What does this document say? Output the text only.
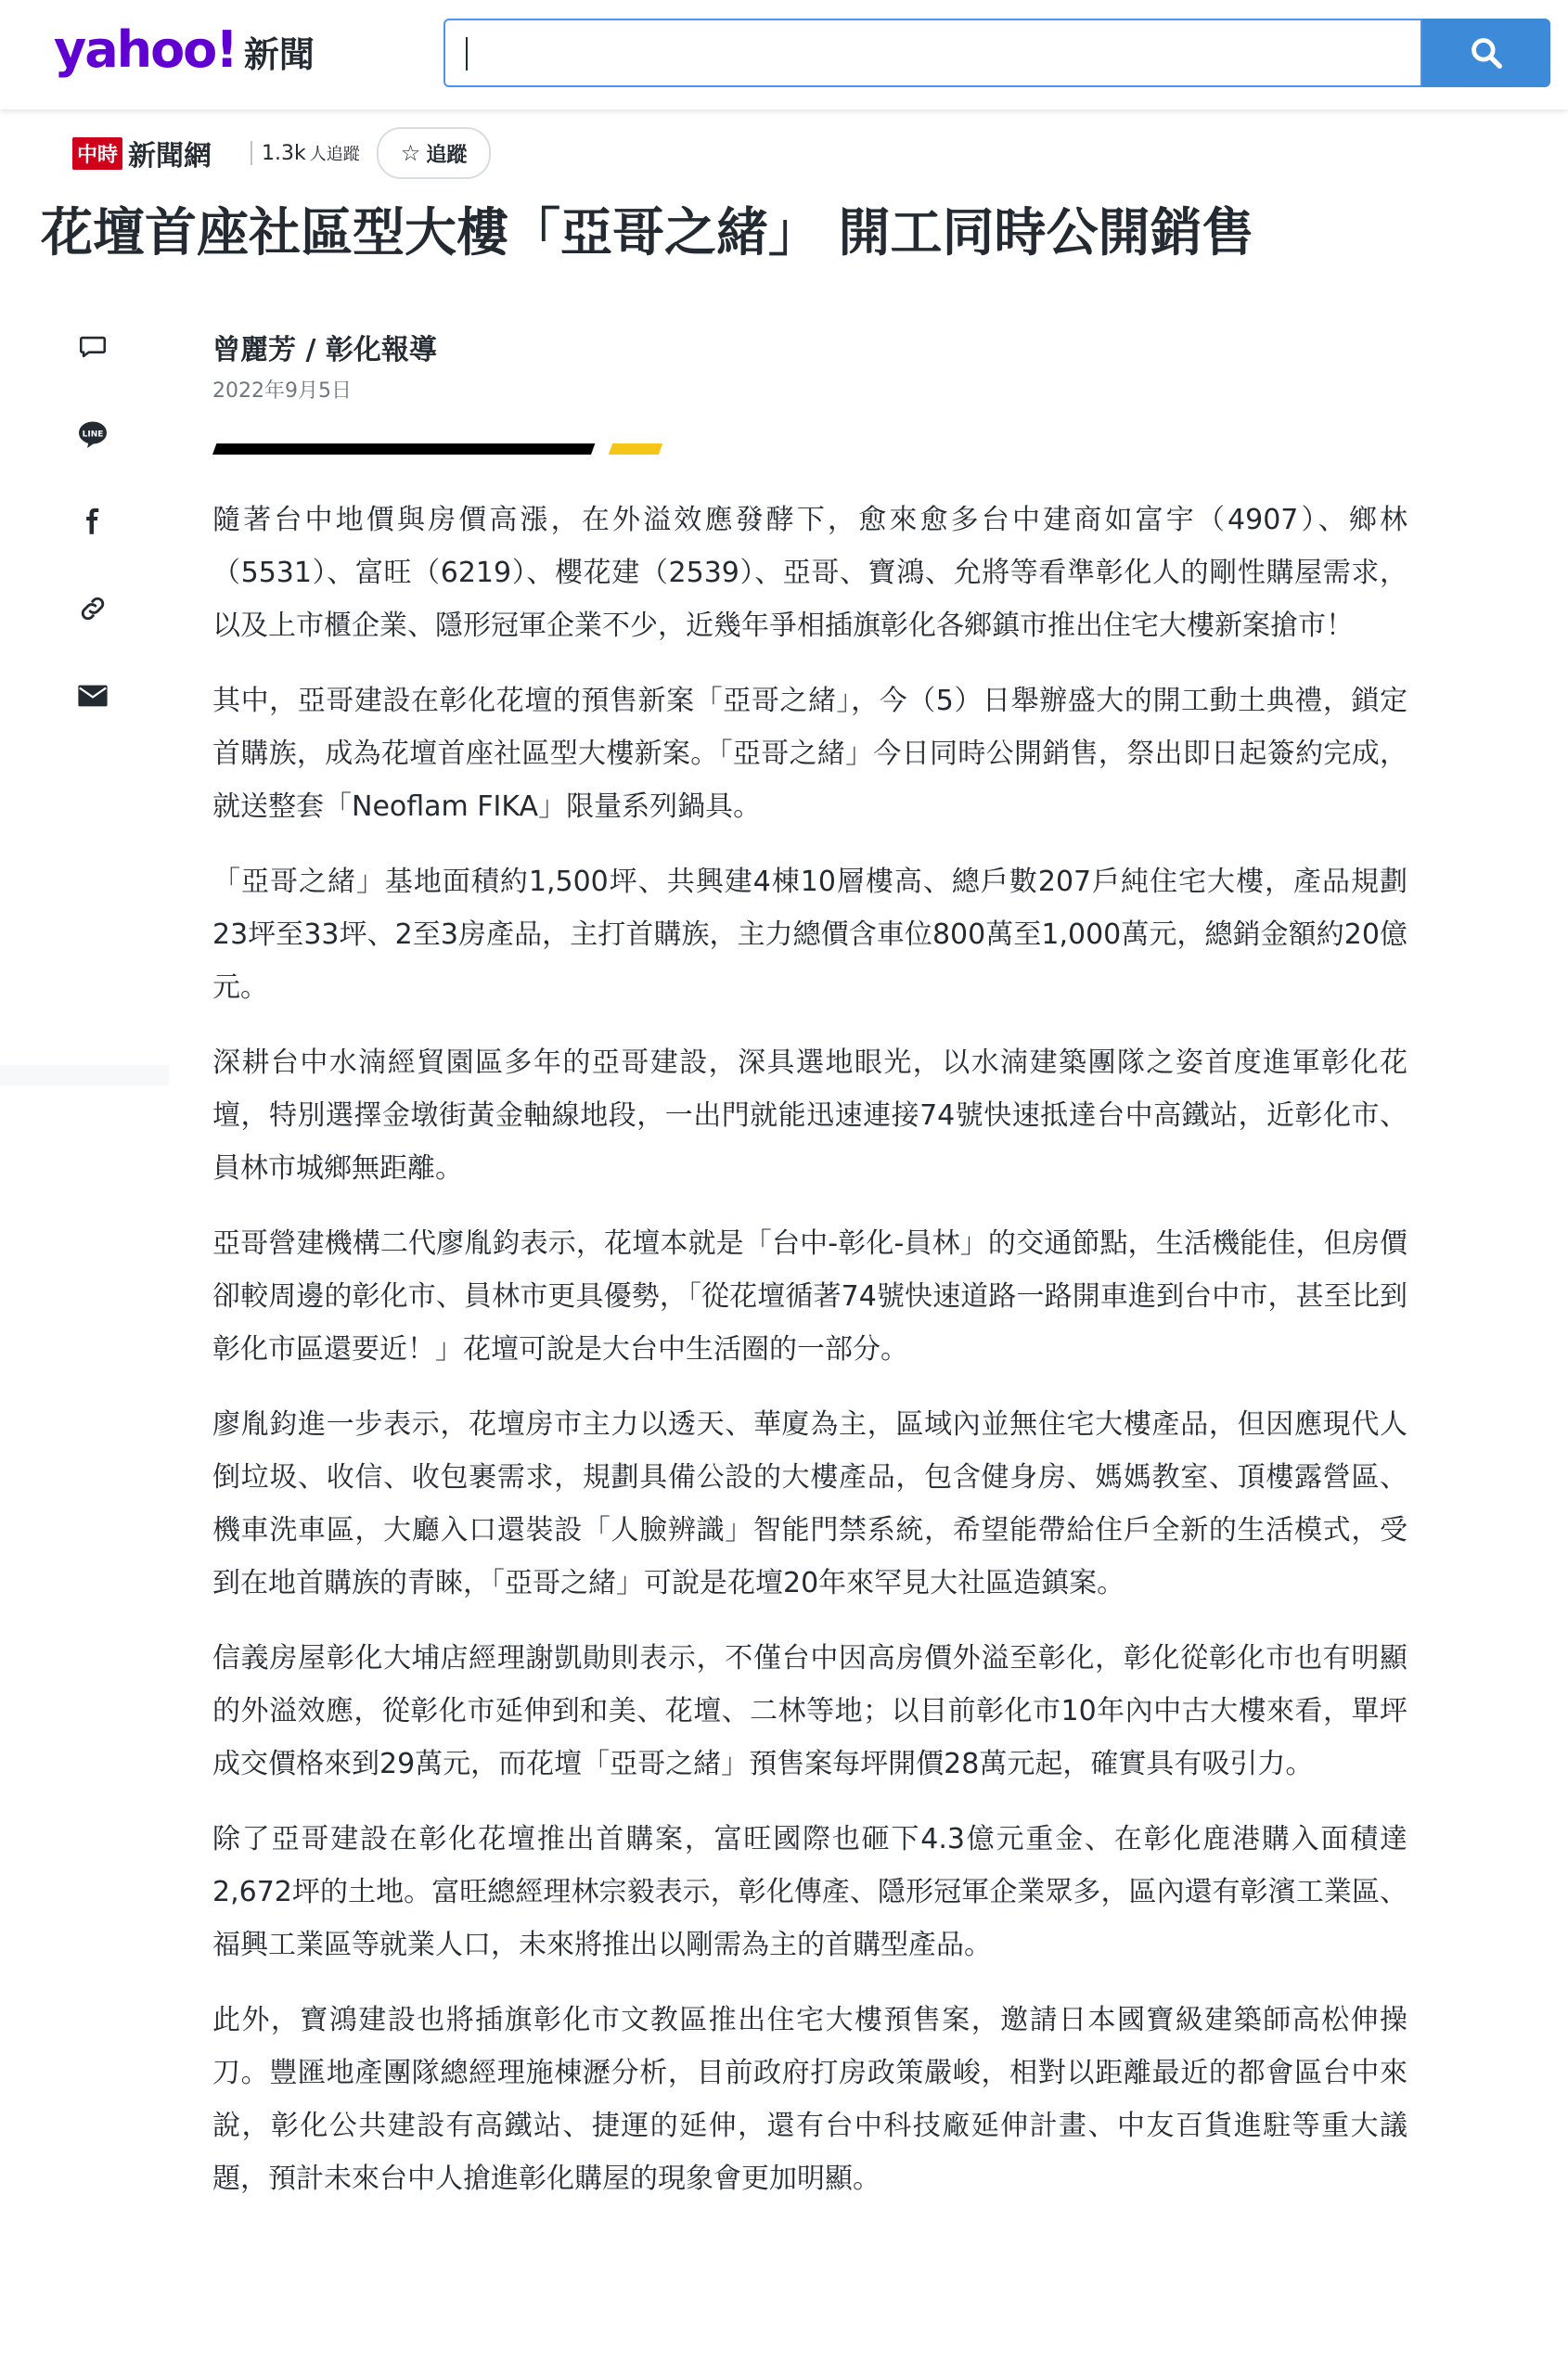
yahoo! 新聞
中時 新聞網 1.3k 人追蹤 ☆ 追蹤
花壇首座社區型大樓「亞哥之緒」 開工同時公開銷售
LINE
曾麗芳 / 彰化報導
2022年9月5日

隨著台中地價與房價高漲，在外溢效應發酵下，愈來愈多台中建商如富宇（4907）、鄉林（5531）、富旺（6219）、櫻花建（2539）、亞哥、寶鴻、允將等看準彰化人的剛性購屋需求，以及上市櫃企業、隱形冠軍企業不少，近幾年爭相插旗彰化各鄉鎮市推出住宅大樓新案搶市！

其中，亞哥建設在彰化花壇的預售新案「亞哥之緒」，今（5）日舉辦盛大的開工動土典禮，鎖定首購族，成為花壇首座社區型大樓新案。「亞哥之緒」今日同時公開銷售，祭出即日起簽約完成，就送整套「Neoflam FIKA」限量系列鍋具。

「亞哥之緒」基地面積約1,500坪、共興建4棟10層樓高、總戶數207戶純住宅大樓，產品規劃23坪至33坪、2至3房產品，主打首購族，主力總價含車位800萬至1,000萬元，總銷金額約20億元。

深耕台中水湳經貿園區多年的亞哥建設，深具選地眼光，以水湳建築團隊之姿首度進軍彰化花壇，特別選擇金墩街黃金軸線地段，一出門就能迅速連接74號快速抵達台中高鐵站，近彰化市、員林市城鄉無距離。

亞哥營建機構二代廖胤鈞表示，花壇本就是「台中-彰化-員林」的交通節點，生活機能佳，但房價卻較周邊的彰化市、員林市更具優勢，「從花壇循著74號快速道路一路開車進到台中市，甚至比到彰化市區還要近！」花壇可說是大台中生活圈的一部分。

廖胤鈞進一步表示，花壇房市主力以透天、華廈為主，區域內並無住宅大樓產品，但因應現代人倒垃圾、收信、收包裹需求，規劃具備公設的大樓產品，包含健身房、媽媽教室、頂樓露營區、機車洗車區，大廳入口還裝設「人臉辨識」智能門禁系統，希望能帶給住戶全新的生活模式，受到在地首購族的青睞，「亞哥之緒」可說是花壇20年來罕見大社區造鎮案。

信義房屋彰化大埔店經理謝凱勛則表示，不僅台中因高房價外溢至彰化，彰化從彰化市也有明顯的外溢效應，從彰化市延伸到和美、花壇、二林等地；以目前彰化市10年內中古大樓來看，單坪成交價格來到29萬元，而花壇「亞哥之緒」預售案每坪開價28萬元起，確實具有吸引力。

除了亞哥建設在彰化花壇推出首購案，富旺國際也砸下4.3億元重金、在彰化鹿港購入面積達2,672坪的土地。富旺總經理林宗毅表示，彰化傳產、隱形冠軍企業眾多，區內還有彰濱工業區、福興工業區等就業人口，未來將推出以剛需為主的首購型產品。

此外，寶鴻建設也將插旗彰化市文教區推出住宅大樓預售案，邀請日本國寶級建築師高松伸操刀。豐匯地產團隊總經理施棟瀝分析，目前政府打房政策嚴峻，相對以距離最近的都會區台中來說，彰化公共建設有高鐵站、捷運的延伸，還有台中科技廠延伸計畫、中友百貨進駐等重大議題，預計未來台中人搶進彰化購屋的現象會更加明顯。
